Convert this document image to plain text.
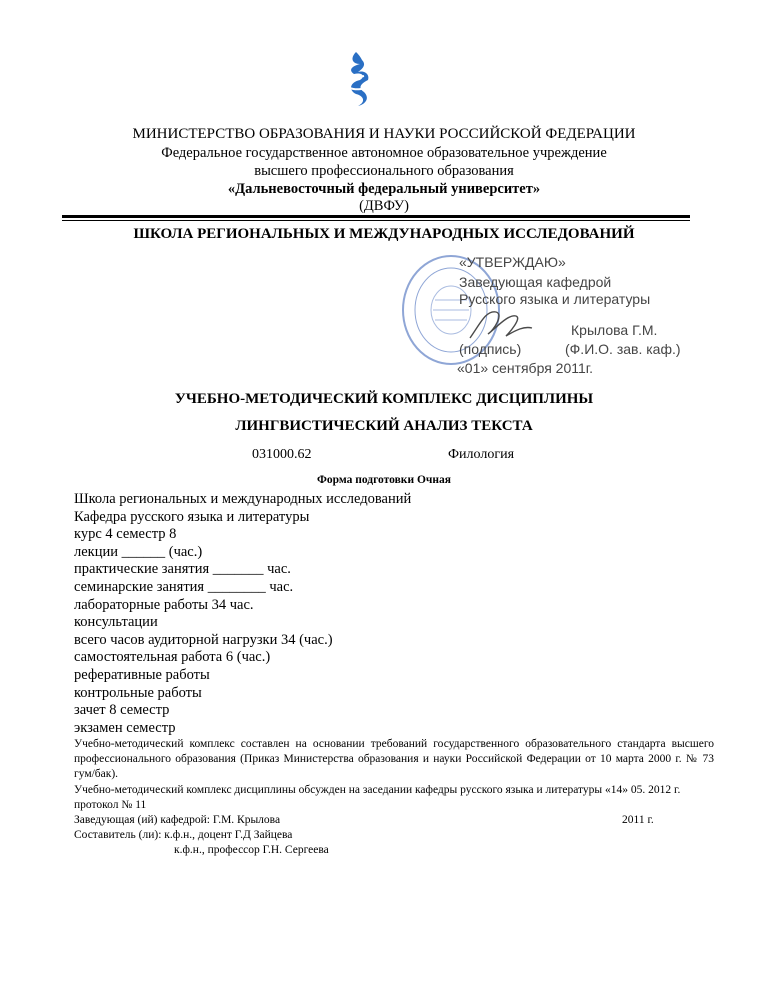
МИНИСТЕРСТВО ОБРАЗОВАНИЯ И НАУКИ РОССИЙСКОЙ ФЕДЕРАЦИИ
Федеральное государственное автономное образовательное учреждение
высшего профессионального образования
«Дальневосточный федеральный университет»
(ДВФУ)
ШКОЛА РЕГИОНАЛЬНЫХ И МЕЖДУНАРОДНЫХ ИССЛЕДОВАНИЙ
«УТВЕРЖДАЮ»
Заведующая кафедрой
Русского языка и литературы
Крылова Г.М.
(подпись)	(Ф.И.О. зав. каф.)
«01» сентября 2011г.
УЧЕБНО-МЕТОДИЧЕСКИЙ КОМПЛЕКС ДИСЦИПЛИНЫ
ЛИНГВИСТИЧЕСКИЙ АНАЛИЗ ТЕКСТА
031000.62	Филология
Форма подготовки Очная
Школа региональных и международных исследований
Кафедра русского языка и литературы
курс 4 семестр 8
лекции ______ (час.)
практические занятия _______ час.
семинарские занятия ________ час.
лабораторные работы 34 час.
консультации
всего часов аудиторной нагрузки 34 (час.)
самостоятельная работа 6 (час.)
реферативные работы
контрольные работы
зачет 8 семестр
экзамен семестр
Учебно-методический комплекс составлен на основании требований государственного образовательного стандарта высшего профессионального образования (Приказ Министерства образования и науки Российской Федерации от 10 марта 2000 г. № 73 гум/бак).
Учебно-методический комплекс дисциплины обсужден на заседании кафедры русского языка и литературы «14» 05. 2012 г. протокол № 11
Заведующая (ий) кафедрой: Г.М. Крылова	2011 г.
Составитель (ли): к.ф.н., доцент Г.Д Зайцева
к.ф.н., профессор Г.Н. Сергеева
